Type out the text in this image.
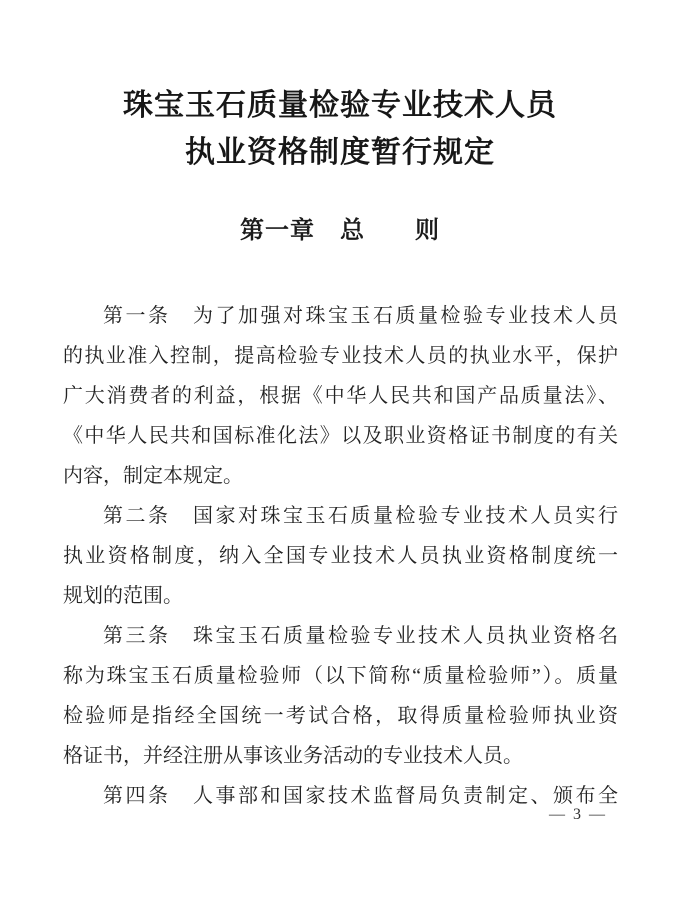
珠宝玉石质量检验专业技术人员
执业资格制度暂行规定
第一章　总　　则
第一条　为了加强对珠宝玉石质量检验专业技术人员
的执业准入控制，提高检验专业技术人员的执业水平，保护
广大消费者的利益，根据《中华人民共和国产品质量法》、
《中华人民共和国标准化法》以及职业资格证书制度的有关
内容，制定本规定。
第二条　国家对珠宝玉石质量检验专业技术人员实行
执业资格制度，纳入全国专业技术人员执业资格制度统一
规划的范围。
第三条　珠宝玉石质量检验专业技术人员执业资格名
称为珠宝玉石质量检验师（以下简称“质量检验师”）。质量
检验师是指经全国统一考试合格，取得质量检验师执业资
格证书，并经注册从事该业务活动的专业技术人员。
第四条　人事部和国家技术监督局负责制定、颁布全
— 3 —
